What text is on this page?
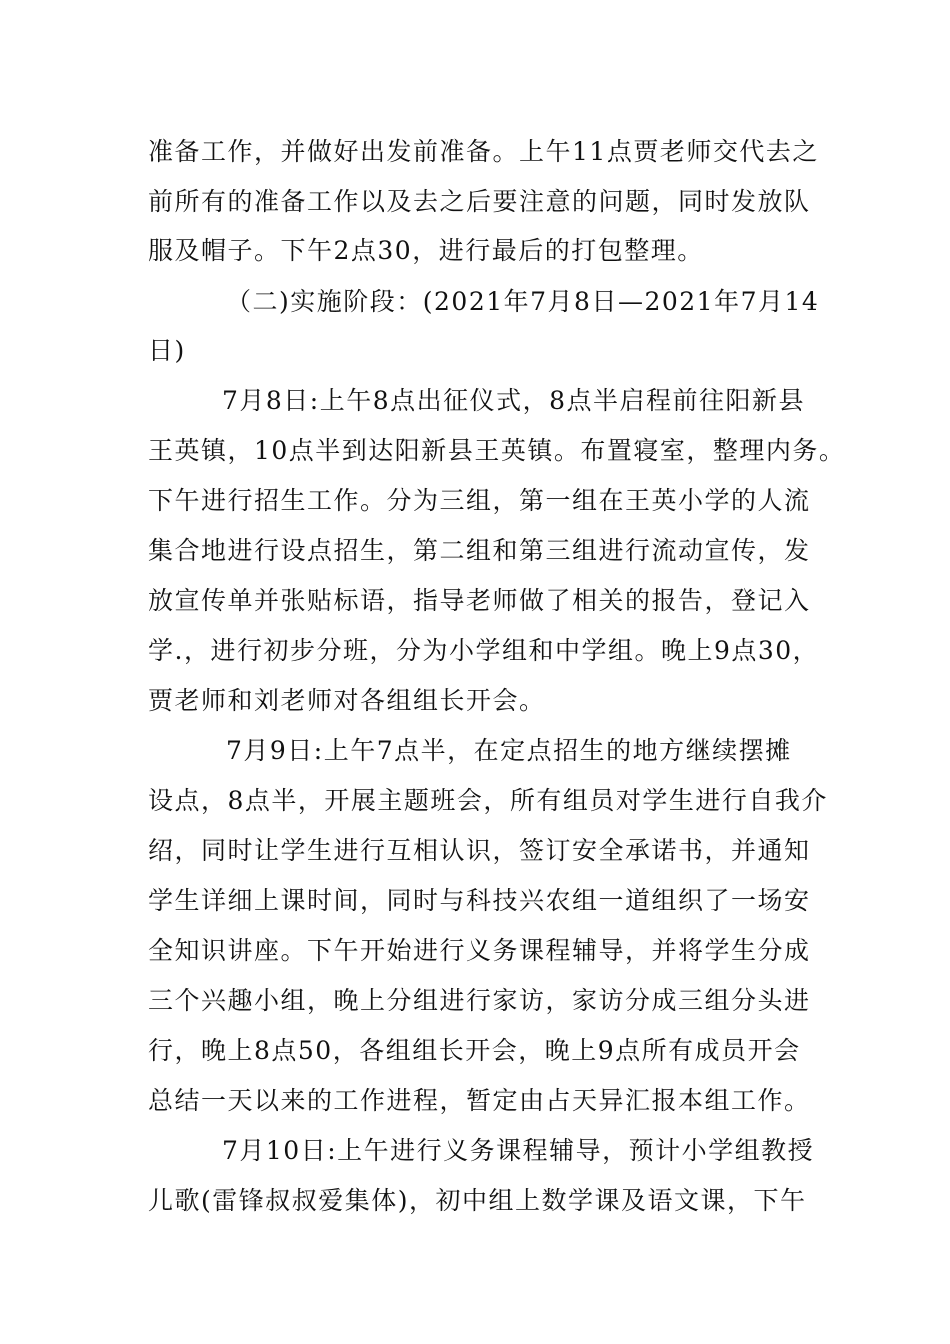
准备工作，并做好出发前准备。上午11点贾老师交代去之
前所有的准备工作以及去之后要注意的问题，同时发放队
服及帽子。下午2点30，进行最后的打包整理。
（二)实施阶段：(2021年7月8日—2021年7月14
日)
7月8日:上午8点出征仪式，8点半启程前往阳新县
王英镇，10点半到达阳新县王英镇。布置寝室，整理内务。
下午进行招生工作。分为三组，第一组在王英小学的人流
集合地进行设点招生，第二组和第三组进行流动宣传，发
放宣传单并张贴标语，指导老师做了相关的报告，登记入
学.，进行初步分班，分为小学组和中学组。晚上9点30，
贾老师和刘老师对各组组长开会。
7月9日:上午7点半，在定点招生的地方继续摆摊
设点，8点半，开展主题班会，所有组员对学生进行自我介
绍，同时让学生进行互相认识，签订安全承诺书，并通知
学生详细上课时间，同时与科技兴农组一道组织了一场安
全知识讲座。下午开始进行义务课程辅导，并将学生分成
三个兴趣小组，晚上分组进行家访，家访分成三组分头进
行，晚上8点50，各组组长开会，晚上9点所有成员开会
总结一天以来的工作进程，暂定由占天异汇报本组工作。
7月10日:上午进行义务课程辅导，预计小学组教授
儿歌(雷锋叔叔爱集体)，初中组上数学课及语文课，下午
